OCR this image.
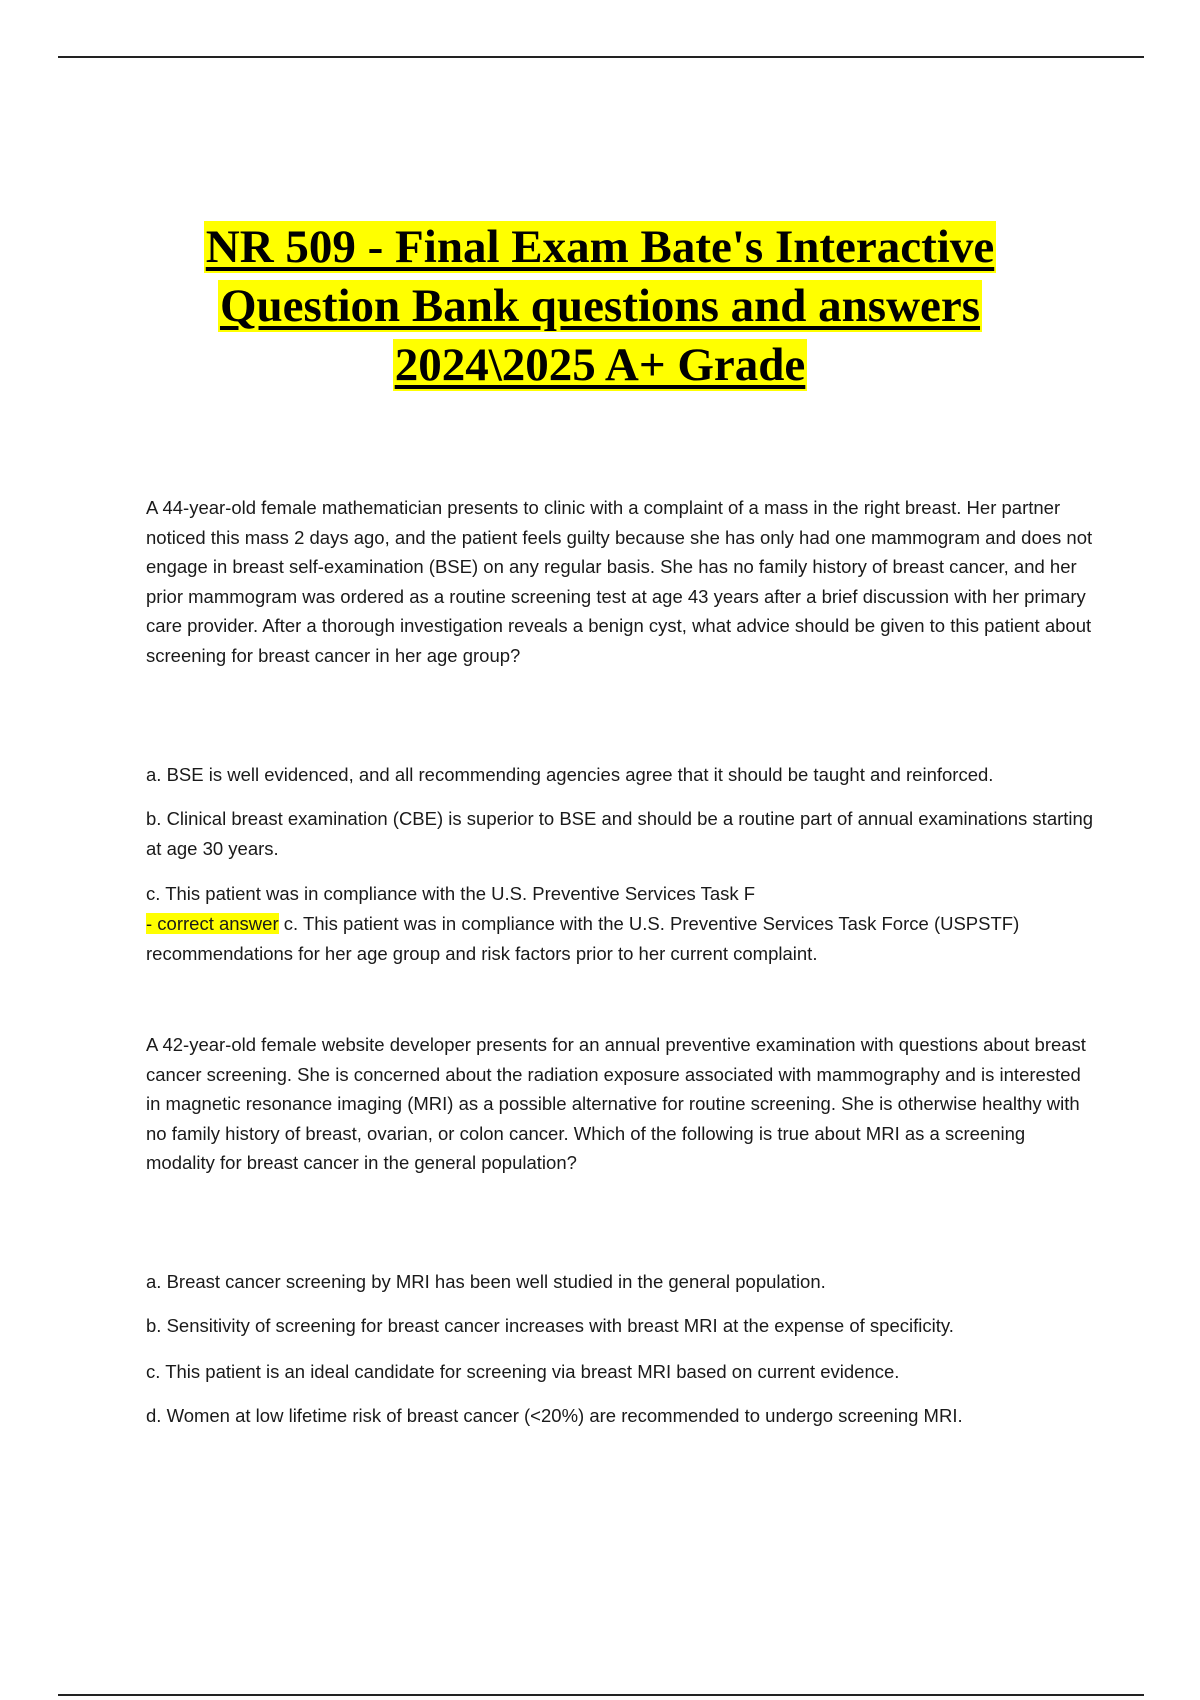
NR 509 - Final Exam Bate's Interactive
Question Bank questions and answers
2024\2025 A+ Grade

A 44-year-old female mathematician presents to clinic with a complaint of a mass in the right breast. Her partner noticed this mass 2 days ago, and the patient feels guilty because she has only had one mammogram and does not engage in breast self-examination (BSE) on any regular basis. She has no family history of breast cancer, and her prior mammogram was ordered as a routine screening test at age 43 years after a brief discussion with her primary care provider. After a thorough investigation reveals a benign cyst, what advice should be given to this patient about screening for breast cancer in her age group?

a. BSE is well evidenced, and all recommending agencies agree that it should be taught and reinforced.

b. Clinical breast examination (CBE) is superior to BSE and should be a routine part of annual examinations starting at age 30 years.

c. This patient was in compliance with the U.S. Preventive Services Task F

- correct answer c. This patient was in compliance with the U.S. Preventive Services Task Force (USPSTF) recommendations for her age group and risk factors prior to her current complaint.

A 42-year-old female website developer presents for an annual preventive examination with questions about breast cancer screening. She is concerned about the radiation exposure associated with mammography and is interested in magnetic resonance imaging (MRI) as a possible alternative for routine screening. She is otherwise healthy with no family history of breast, ovarian, or colon cancer. Which of the following is true about MRI as a screening modality for breast cancer in the general population?

a. Breast cancer screening by MRI has been well studied in the general population.

b. Sensitivity of screening for breast cancer increases with breast MRI at the expense of specificity.

c. This patient is an ideal candidate for screening via breast MRI based on current evidence.

d. Women at low lifetime risk of breast cancer (<20%) are recommended to undergo screening MRI.
